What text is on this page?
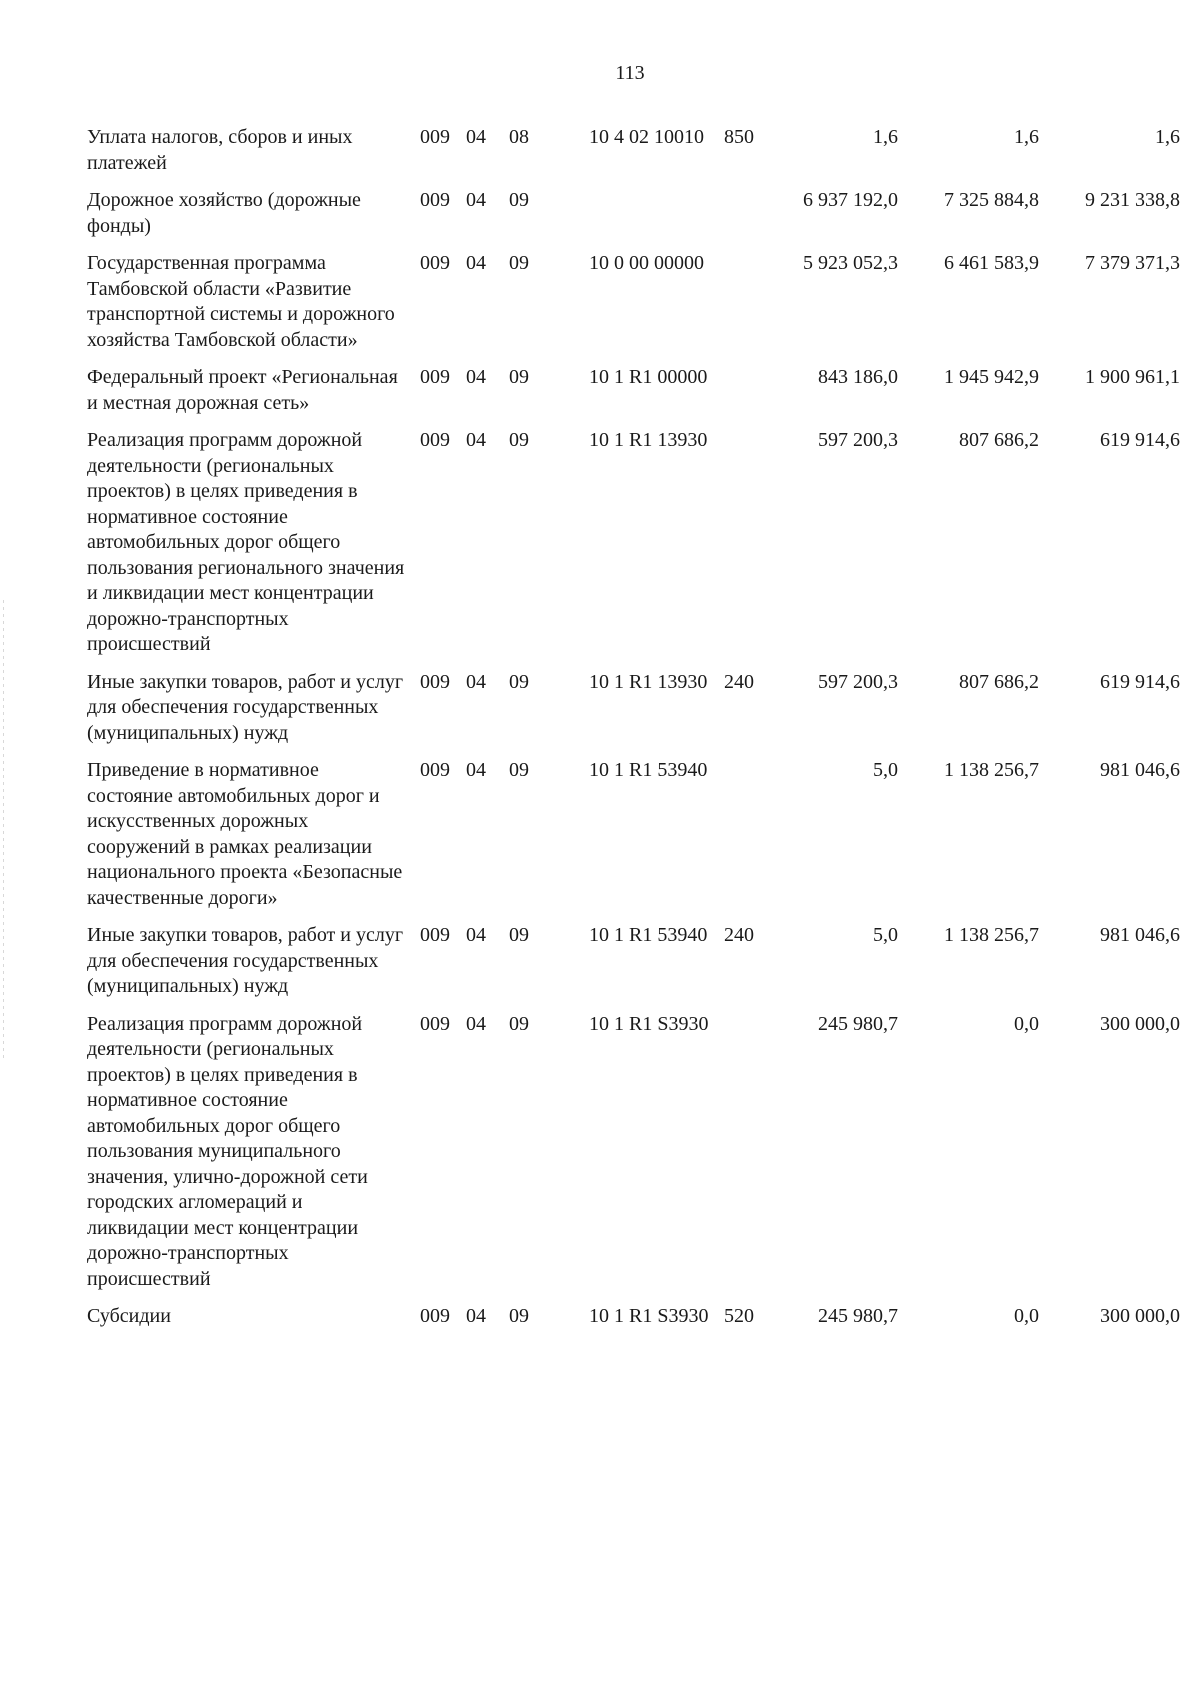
113
Уплата налогов, сборов и иных платежей	009	04	08	10 4 02 10010	850	1,6	1,6	1,6
Дорожное хозяйство (дорожные фонды)	009	04	09			6 937 192,0	7 325 884,8	9 231 338,8
Государственная программа Тамбовской области «Развитие транспортной системы и дорожного хозяйства Тамбовской области»	009	04	09	10 0 00 00000		5 923 052,3	6 461 583,9	7 379 371,3
Федеральный проект «Региональная и местная дорожная сеть»	009	04	09	10 1 R1 00000		843 186,0	1 945 942,9	1 900 961,1
Реализация программ дорожной деятельности (региональных проектов) в целях приведения в нормативное состояние автомобильных дорог общего пользования регионального значения и ликвидации мест концентрации дорожно-транспортных происшествий	009	04	09	10 1 R1 13930		597 200,3	807 686,2	619 914,6
Иные закупки товаров, работ и услуг для обеспечения государственных (муниципальных) нужд	009	04	09	10 1 R1 13930	240	597 200,3	807 686,2	619 914,6
Приведение в нормативное состояние автомобильных дорог и искусственных дорожных сооружений в рамках реализации национального проекта «Безопасные качественные дороги»	009	04	09	10 1 R1 53940		5,0	1 138 256,7	981 046,6
Иные закупки товаров, работ и услуг для обеспечения государственных (муниципальных) нужд	009	04	09	10 1 R1 53940	240	5,0	1 138 256,7	981 046,6
Реализация программ дорожной деятельности (региональных проектов) в целях приведения в нормативное состояние автомобильных дорог общего пользования муниципального значения, улично-дорожной сети городских агломераций и ликвидации мест концентрации дорожно-транспортных происшествий	009	04	09	10 1 R1 S3930		245 980,7	0,0	300 000,0
Субсидии	009	04	09	10 1 R1 S3930	520	245 980,7	0,0	300 000,0
